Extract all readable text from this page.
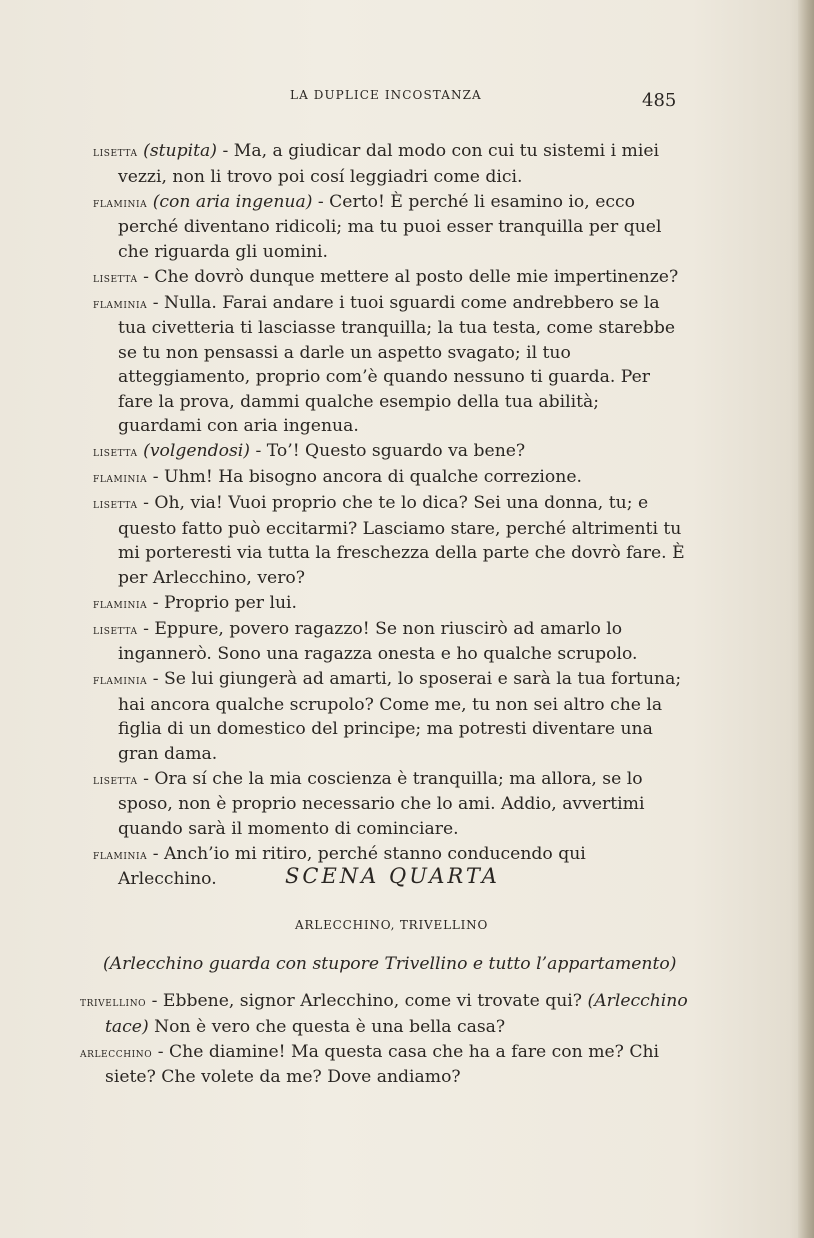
LA DUPLICE INCOSTANZA	485

lisetta (stupita) - Ma, a giudicar dal modo con cui tu sistemi i miei vezzi, non li trovo poi cosí leggiadri come dici.

flaminia (con aria ingenua) - Certo! È perché li esamino io, ecco perché diventano ridicoli; ma tu puoi esser tranquilla per quel che riguarda gli uomini.

lisetta - Che dovrò dunque mettere al posto delle mie impertinenze?

flaminia - Nulla. Farai andare i tuoi sguardi come andrebbero se la tua civetteria ti lasciasse tranquilla; la tua testa, come starebbe se tu non pensassi a darle un aspetto svagato; il tuo atteggiamento, proprio com’è quando nessuno ti guarda. Per fare la prova, dammi qualche esempio della tua abilità; guardami con aria ingenua.

lisetta (volgendosi) - To’! Questo sguardo va bene?

flaminia - Uhm! Ha bisogno ancora di qualche correzione.

lisetta - Oh, via! Vuoi proprio che te lo dica? Sei una donna, tu; e questo fatto può eccitarmi? Lasciamo stare, perché altrimenti tu mi porteresti via tutta la freschezza della parte che dovrò fare. È per Arlecchino, vero?

flaminia - Proprio per lui.

lisetta - Eppure, povero ragazzo! Se non riuscirò ad amarlo lo ingannerò. Sono una ragazza onesta e ho qualche scrupolo.

flaminia - Se lui giungerà ad amarti, lo sposerai e sarà la tua fortuna; hai ancora qualche scrupolo? Come me, tu non sei altro che la figlia di un domestico del principe; ma potresti diventare una gran dama.

lisetta - Ora sí che la mia coscienza è tranquilla; ma allora, se lo sposo, non è proprio necessario che lo ami. Addio, avvertimi quando sarà il momento di cominciare.

flaminia - Anch’io mi ritiro, perché stanno conducendo qui Arlecchino.	SCENA QUARTA
ARLECCHINO, TRIVELLINO
(Arlecchino guarda con stupore Trivellino e tutto l’appartamento)

trivellino - Ebbene, signor Arlecchino, come vi trovate qui? (Arlecchino tace) Non è vero che questa è una bella casa?

arlecchino - Che diamine! Ma questa casa che ha a fare con me? Chi siete? Che volete da me? Dove andiamo?
